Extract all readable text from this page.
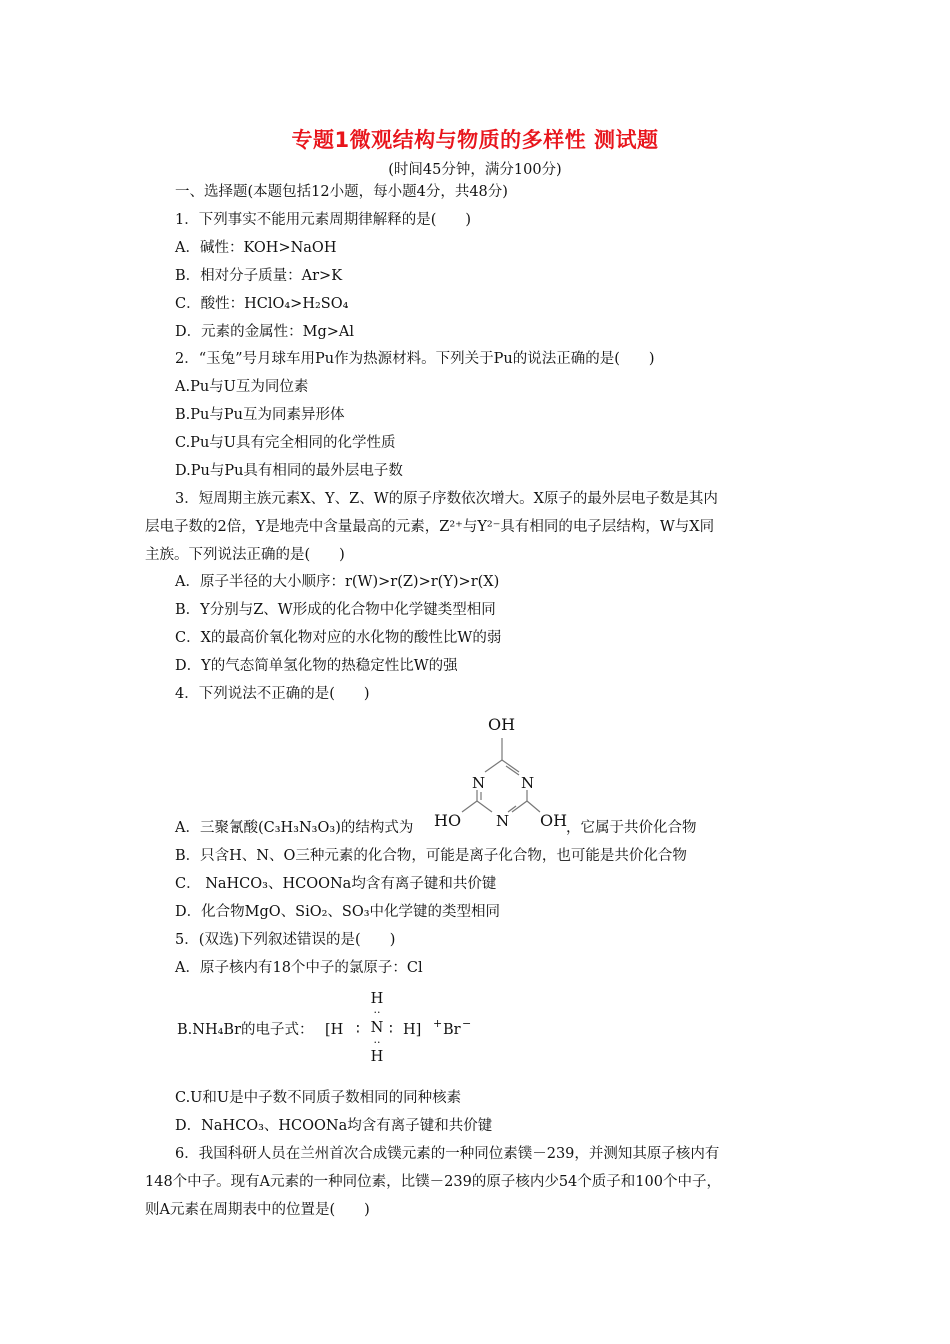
专题1微观结构与物质的多样性 测试题
(时间45分钟，满分100分)
一、选择题(本题包括12小题，每小题4分，共48分)
1．下列事实不能用元素周期律解释的是(　　)
A．碱性：KOH>NaOH
B．相对分子质量：Ar>K
C．酸性：HClO₄>H₂SO₄
D．元素的金属性：Mg>Al
2．“玉兔”号月球车用Pu作为热源材料。下列关于Pu的说法正确的是(　　)
A.Pu与U互为同位素
B.Pu与Pu互为同素异形体
C.Pu与U具有完全相同的化学性质
D.Pu与Pu具有相同的最外层电子数
3．短周期主族元素X、Y、Z、W的原子序数依次增大。X原子的最外层电子数是其内
层电子数的2倍，Y是地壳中含量最高的元素，Z²⁺与Y²⁻具有相同的电子层结构，W与X同
主族。下列说法正确的是(　　)
A．原子半径的大小顺序：r(W)>r(Z)>r(Y)>r(X)
B．Y分别与Z、W形成的化合物中化学键类型相同
C．X的最高价氧化物对应的水化物的酸性比W的弱
D．Y的气态简单氢化物的热稳定性比W的强
4．下列说法不正确的是(　　)
OH
N N
N
HO	OH
A．三聚氰酸(C₃H₃N₃O₃)的结构式为	，它属于共价化合物
B．只含H、N、O三种元素的化合物，可能是离子化合物，也可能是共价化合物
C． NaHCO₃、HCOONa均含有离子键和共价键
D．化合物MgO、SiO₂、SO₃中化学键的类型相同
5．(双选)下列叙述错误的是(　　)
A．原子核内有18个中子的氯原子：Cl
B.NH₄Br的电子式： [H ∶
H
··
N
··
H
∶ H] + Br −
C.U和U是中子数不同质子数相同的同种核素
D．NaHCO₃、HCOONa均含有离子键和共价键
6．我国科研人员在兰州首次合成镤元素的一种同位素镤－239，并测知其原子核内有
148个中子。现有A元素的一种同位素，比镤－239的原子核内少54个质子和100个中子，
则A元素在周期表中的位置是(　　)
